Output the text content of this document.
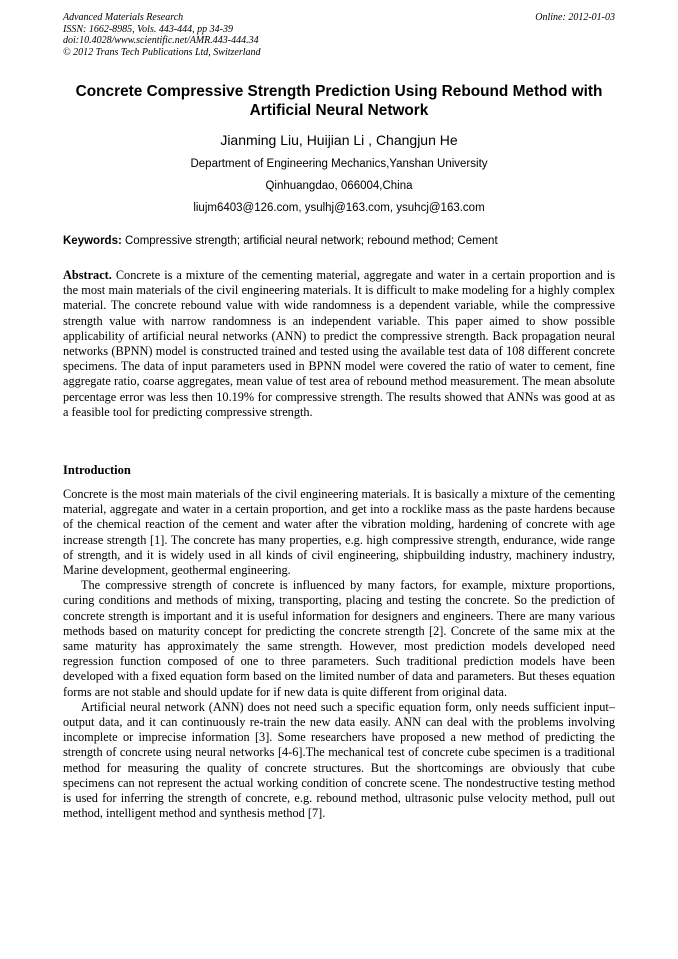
Advanced Materials Research
ISSN: 1662-8985, Vols. 443-444, pp 34-39
doi:10.4028/www.scientific.net/AMR.443-444.34
© 2012 Trans Tech Publications Ltd, Switzerland
Online: 2012-01-03
Concrete Compressive Strength Prediction Using Rebound Method with Artificial Neural Network
Jianming Liu, Huijian Li , Changjun He
Department of Engineering Mechanics,Yanshan University
Qinhuangdao, 066004,China
liujm6403@126.com, ysulhj@163.com, ysuhcj@163.com
Keywords: Compressive strength; artificial neural network; rebound method; Cement

Abstract. Concrete is a mixture of the cementing material, aggregate and water in a certain proportion and is the most main materials of the civil engineering materials. It is difficult to make modeling for a highly complex material. The concrete rebound value with wide randomness is a dependent variable, while the compressive strength value with narrow randomness is an independent variable. This paper aimed to show possible applicability of artificial neural networks (ANN) to predict the compressive strength. Back propagation neural networks (BPNN) model is constructed trained and tested using the available test data of 108 different concrete specimens. The data of input parameters used in BPNN model were covered the ratio of water to cement, fine aggregate ratio, coarse aggregates, mean value of test area of rebound method measurement. The mean absolute percentage error was less then 10.19% for compressive strength. The results showed that ANNs was good at as a feasible tool for predicting compressive strength.

Introduction

Concrete is the most main materials of the civil engineering materials. It is basically a mixture of the cementing material, aggregate and water in a certain proportion, and get into a rocklike mass as the paste hardens because of the chemical reaction of the cement and water after the vibration molding, hardening of concrete with age increase strength [1]. The concrete has many properties, e.g. high compressive strength, endurance, wide range of strength, and it is widely used in all kinds of civil engineering, shipbuilding industry, machinery industry, Marine development, geothermal engineering.

The compressive strength of concrete is influenced by many factors, for example, mixture proportions, curing conditions and methods of mixing, transporting, placing and testing the concrete. So the prediction of concrete strength is important and it is useful information for designers and engineers. There are many various methods based on maturity concept for predicting the concrete strength [2]. Concrete of the same mix at the same maturity has approximately the same strength. However, most prediction models developed need regression function composed of one to three parameters. Such traditional prediction models have been developed with a fixed equation form based on the limited number of data and parameters. But theses equation forms are not stable and should update for if new data is quite different from original data.

Artificial neural network (ANN) does not need such a specific equation form, only needs sufficient input–output data, and it can continuously re-train the new data easily. ANN can deal with the problems involving incomplete or imprecise information [3]. Some researchers have proposed a new method of predicting the strength of concrete using neural networks [4-6].The mechanical test of concrete cube specimen is a traditional method for measuring the quality of concrete structures. But the shortcomings are obviously that cube specimens can not represent the actual working condition of concrete scene. The nondestructive testing method is used for inferring the strength of concrete, e.g. rebound method, ultrasonic pulse velocity method, pull out method, intelligent method and synthesis method [7].
